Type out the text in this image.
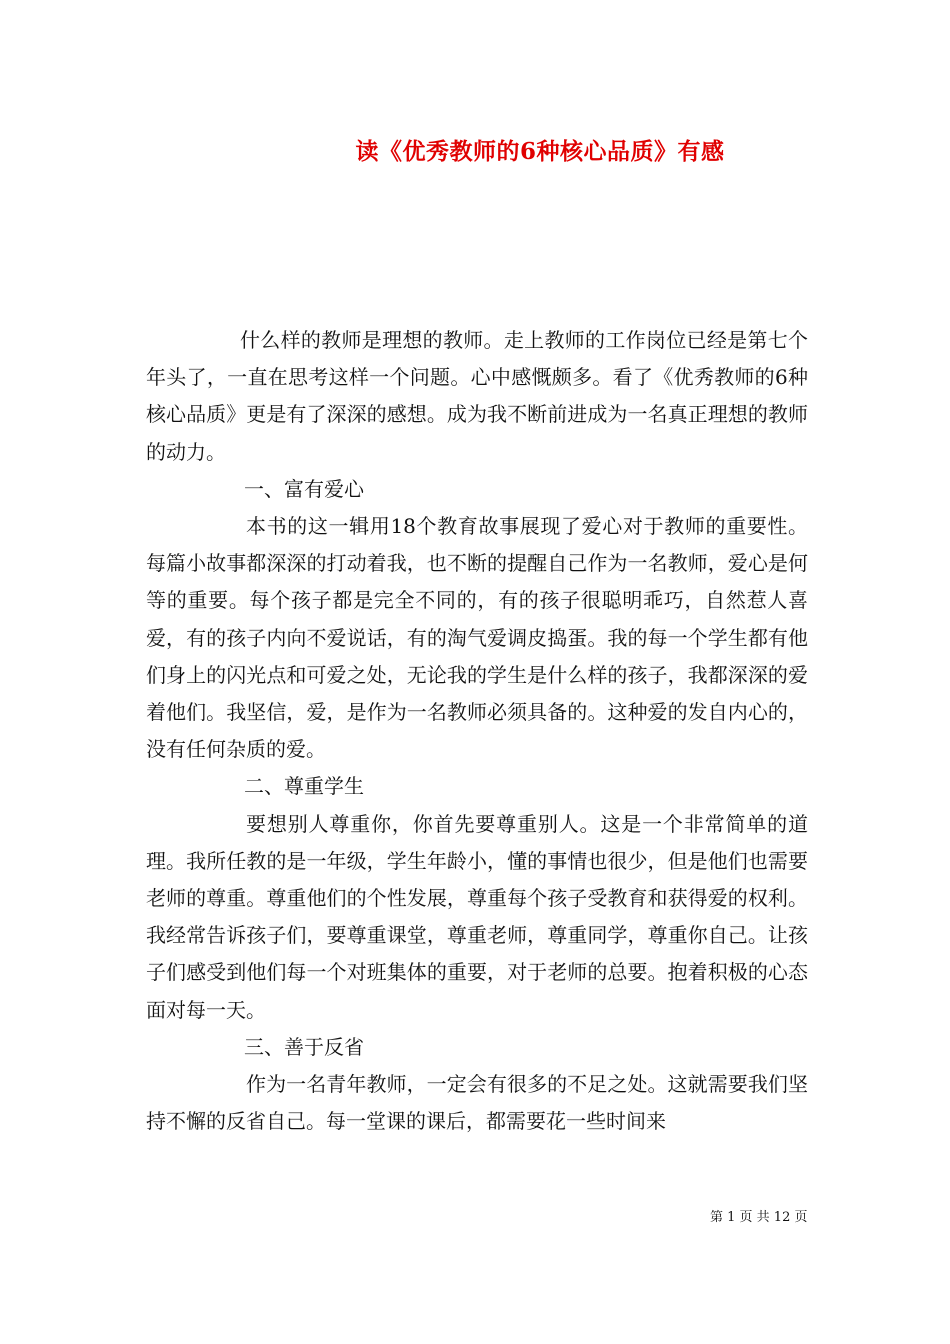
读《优秀教师的6种核心品质》有感

什么样的教师是理想的教师。走上教师的工作岗位已经是第七个年头了，一直在思考这样一个问题。心中感慨颇多。看了《优秀教师的6种核心品质》更是有了深深的感想。成为我不断前进成为一名真正理想的教师的动力。

一、富有爱心

本书的这一辑用18个教育故事展现了爱心对于教师的重要性。每篇小故事都深深的打动着我，也不断的提醒自己作为一名教师，爱心是何等的重要。每个孩子都是完全不同的，有的孩子很聪明乖巧，自然惹人喜爱，有的孩子内向不爱说话，有的淘气爱调皮捣蛋。我的每一个学生都有他们身上的闪光点和可爱之处，无论我的学生是什么样的孩子，我都深深的爱着他们。我坚信，爱，是作为一名教师必须具备的。这种爱的发自内心的，没有任何杂质的爱。

二、尊重学生

要想别人尊重你，你首先要尊重别人。这是一个非常简单的道理。我所任教的是一年级，学生年龄小，懂的事情也很少，但是他们也需要老师的尊重。尊重他们的个性发展，尊重每个孩子受教育和获得爱的权利。我经常告诉孩子们，要尊重课堂，尊重老师，尊重同学，尊重你自己。让孩子们感受到他们每一个对班集体的重要，对于老师的总要。抱着积极的心态面对每一天。

三、善于反省

作为一名青年教师，一定会有很多的不足之处。这就需要我们坚持不懈的反省自己。每一堂课的课后，都需要花一些时间来

第 1 页 共 12 页
